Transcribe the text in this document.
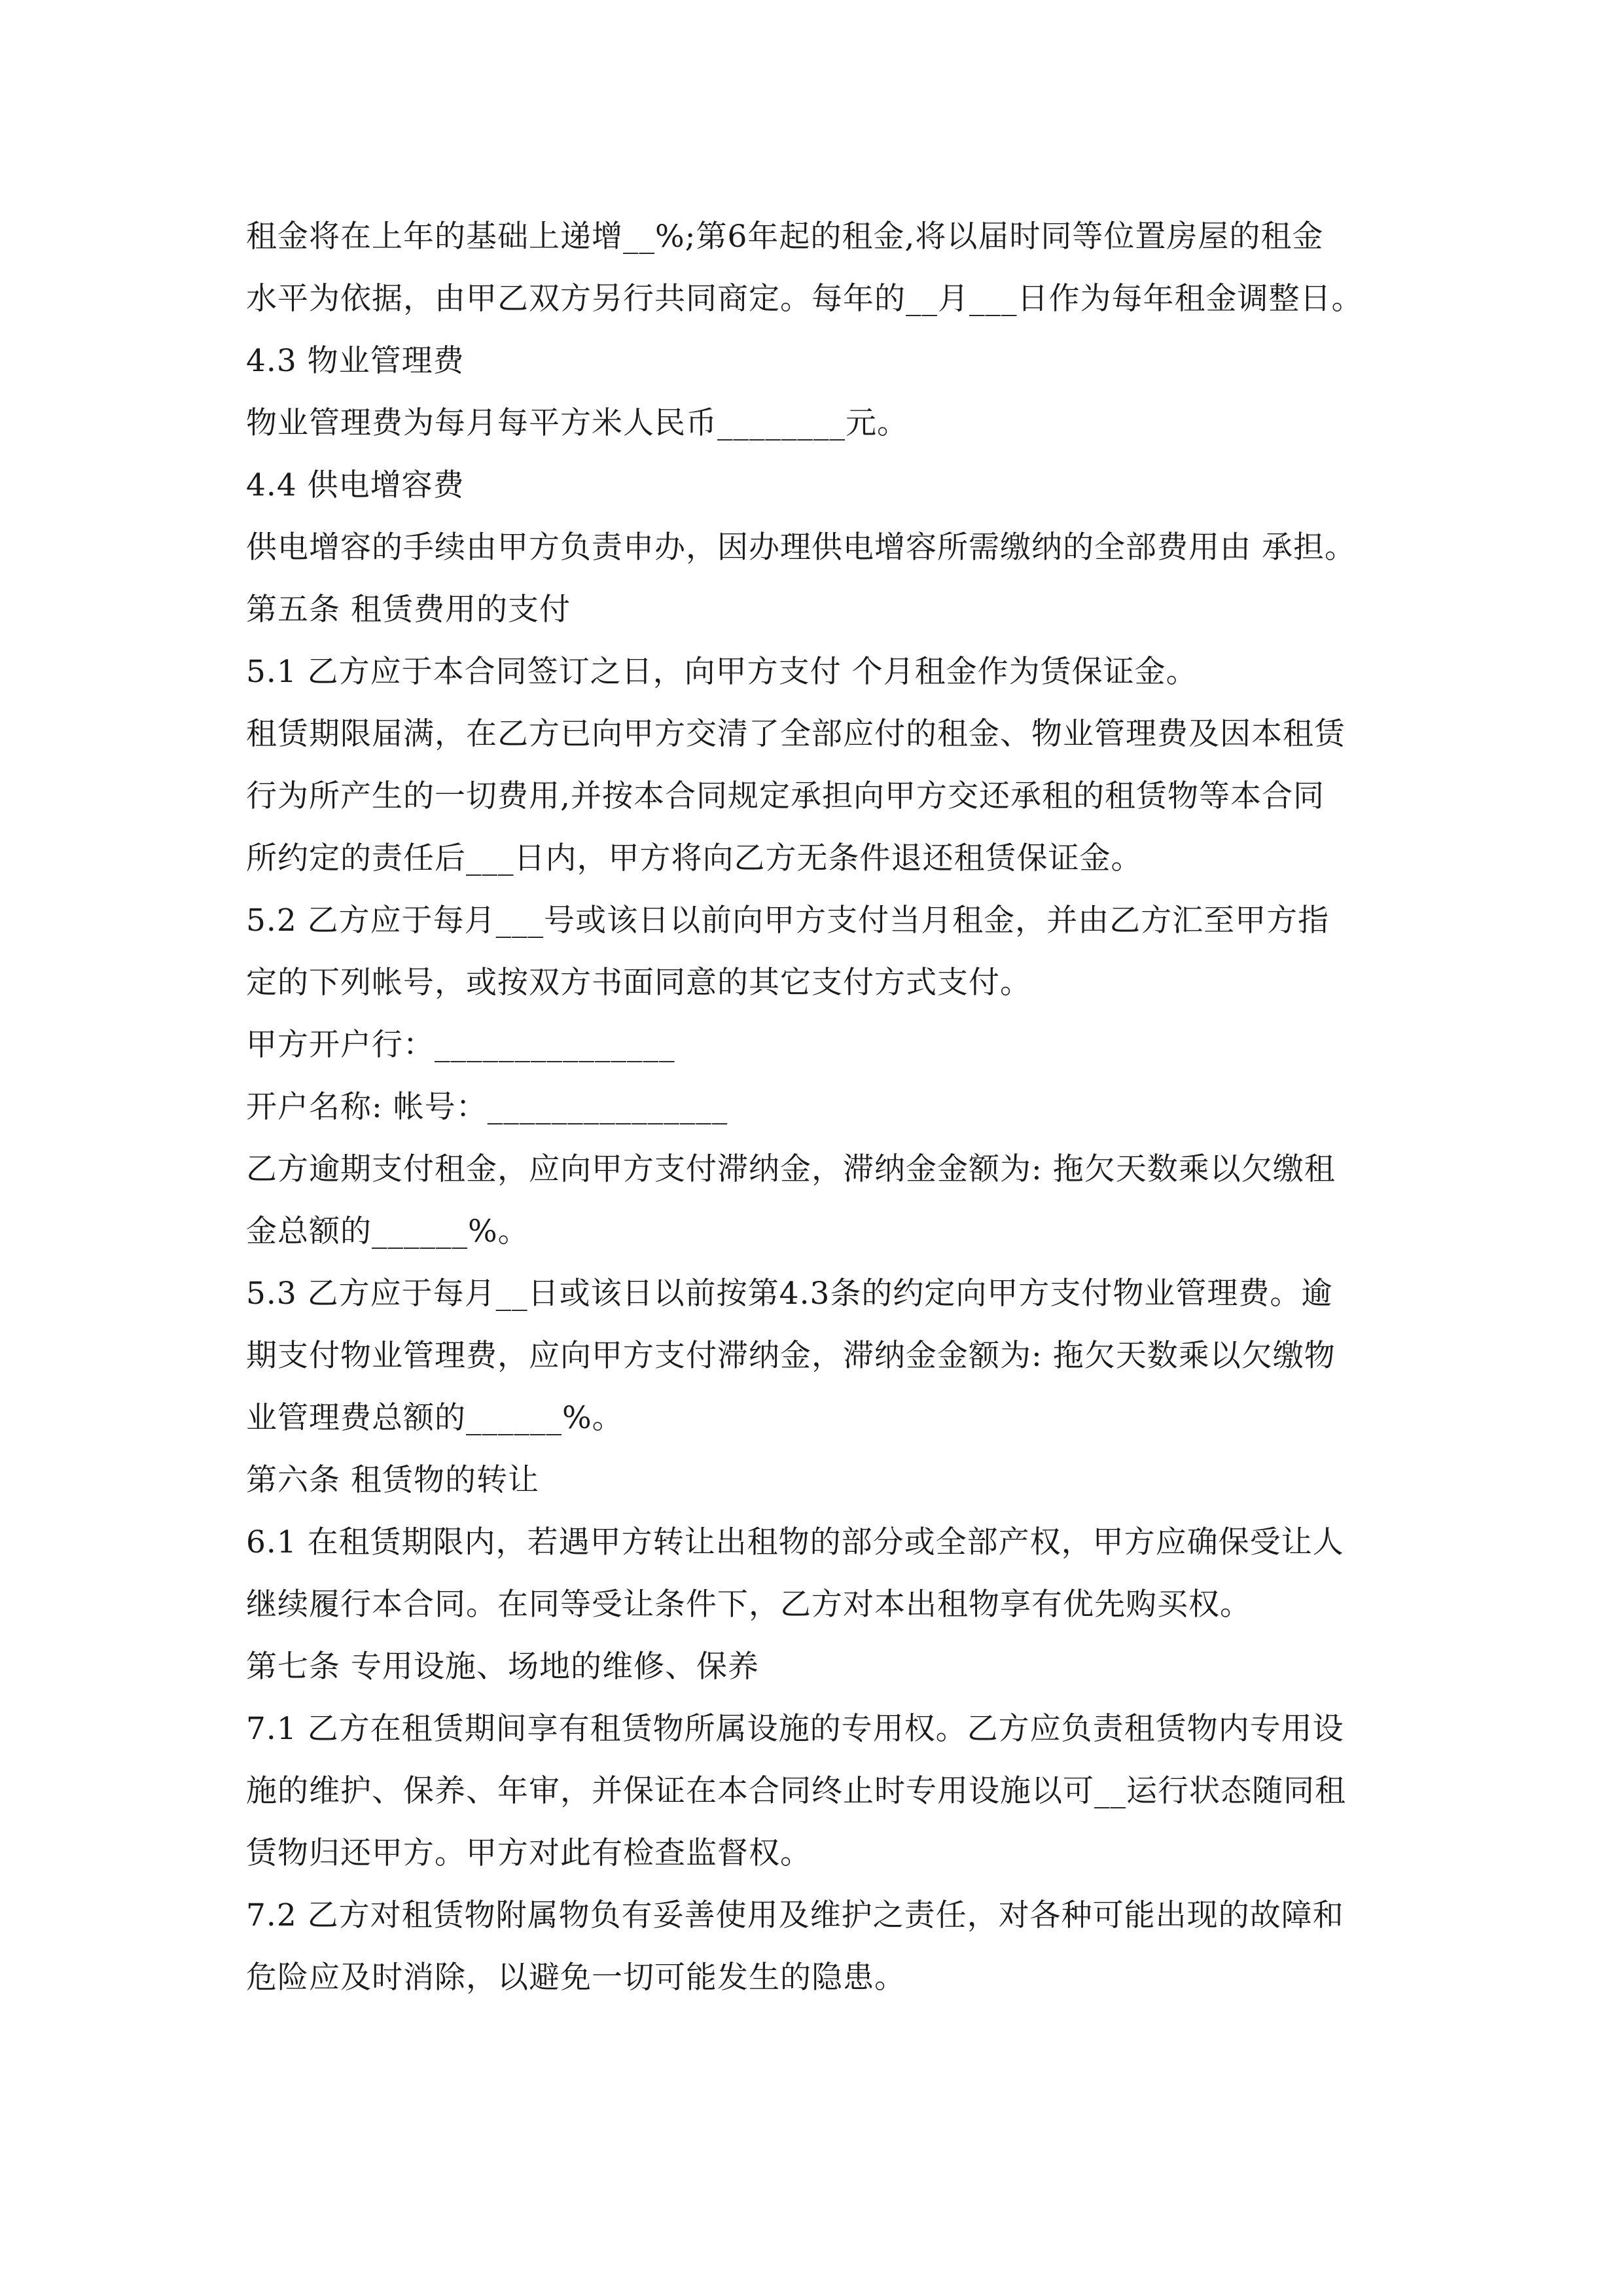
租金将在上年的基础上递增__%;第6年起的租金,将以届时同等位置房屋的租金
水平为依据，由甲乙双方另行共同商定。每年的__月___日作为每年租金调整日。
4.3 物业管理费
物业管理费为每月每平方米人民币________元。
4.4 供电增容费
供电增容的手续由甲方负责申办，因办理供电增容所需缴纳的全部费用由 承担。
第五条 租赁费用的支付
5.1 乙方应于本合同签订之日，向甲方支付 个月租金作为赁保证金。
租赁期限届满，在乙方已向甲方交清了全部应付的租金、物业管理费及因本租赁
行为所产生的一切费用,并按本合同规定承担向甲方交还承租的租赁物等本合同
所约定的责任后___日内，甲方将向乙方无条件退还租赁保证金。
5.2 乙方应于每月___号或该日以前向甲方支付当月租金，并由乙方汇至甲方指
定的下列帐号，或按双方书面同意的其它支付方式支付。
甲方开户行：_______________
开户名称: 帐号：_______________
乙方逾期支付租金，应向甲方支付滞纳金，滞纳金金额为: 拖欠天数乘以欠缴租
金总额的______%。
5.3 乙方应于每月__日或该日以前按第4.3条的约定向甲方支付物业管理费。逾
期支付物业管理费，应向甲方支付滞纳金，滞纳金金额为: 拖欠天数乘以欠缴物
业管理费总额的______%。
第六条 租赁物的转让
6.1 在租赁期限内，若遇甲方转让出租物的部分或全部产权，甲方应确保受让人
继续履行本合同。在同等受让条件下，乙方对本出租物享有优先购买权。
第七条 专用设施、场地的维修、保养
7.1 乙方在租赁期间享有租赁物所属设施的专用权。乙方应负责租赁物内专用设
施的维护、保养、年审，并保证在本合同终止时专用设施以可__运行状态随同租
赁物归还甲方。甲方对此有检查监督权。
7.2 乙方对租赁物附属物负有妥善使用及维护之责任，对各种可能出现的故障和
危险应及时消除，以避免一切可能发生的隐患。
